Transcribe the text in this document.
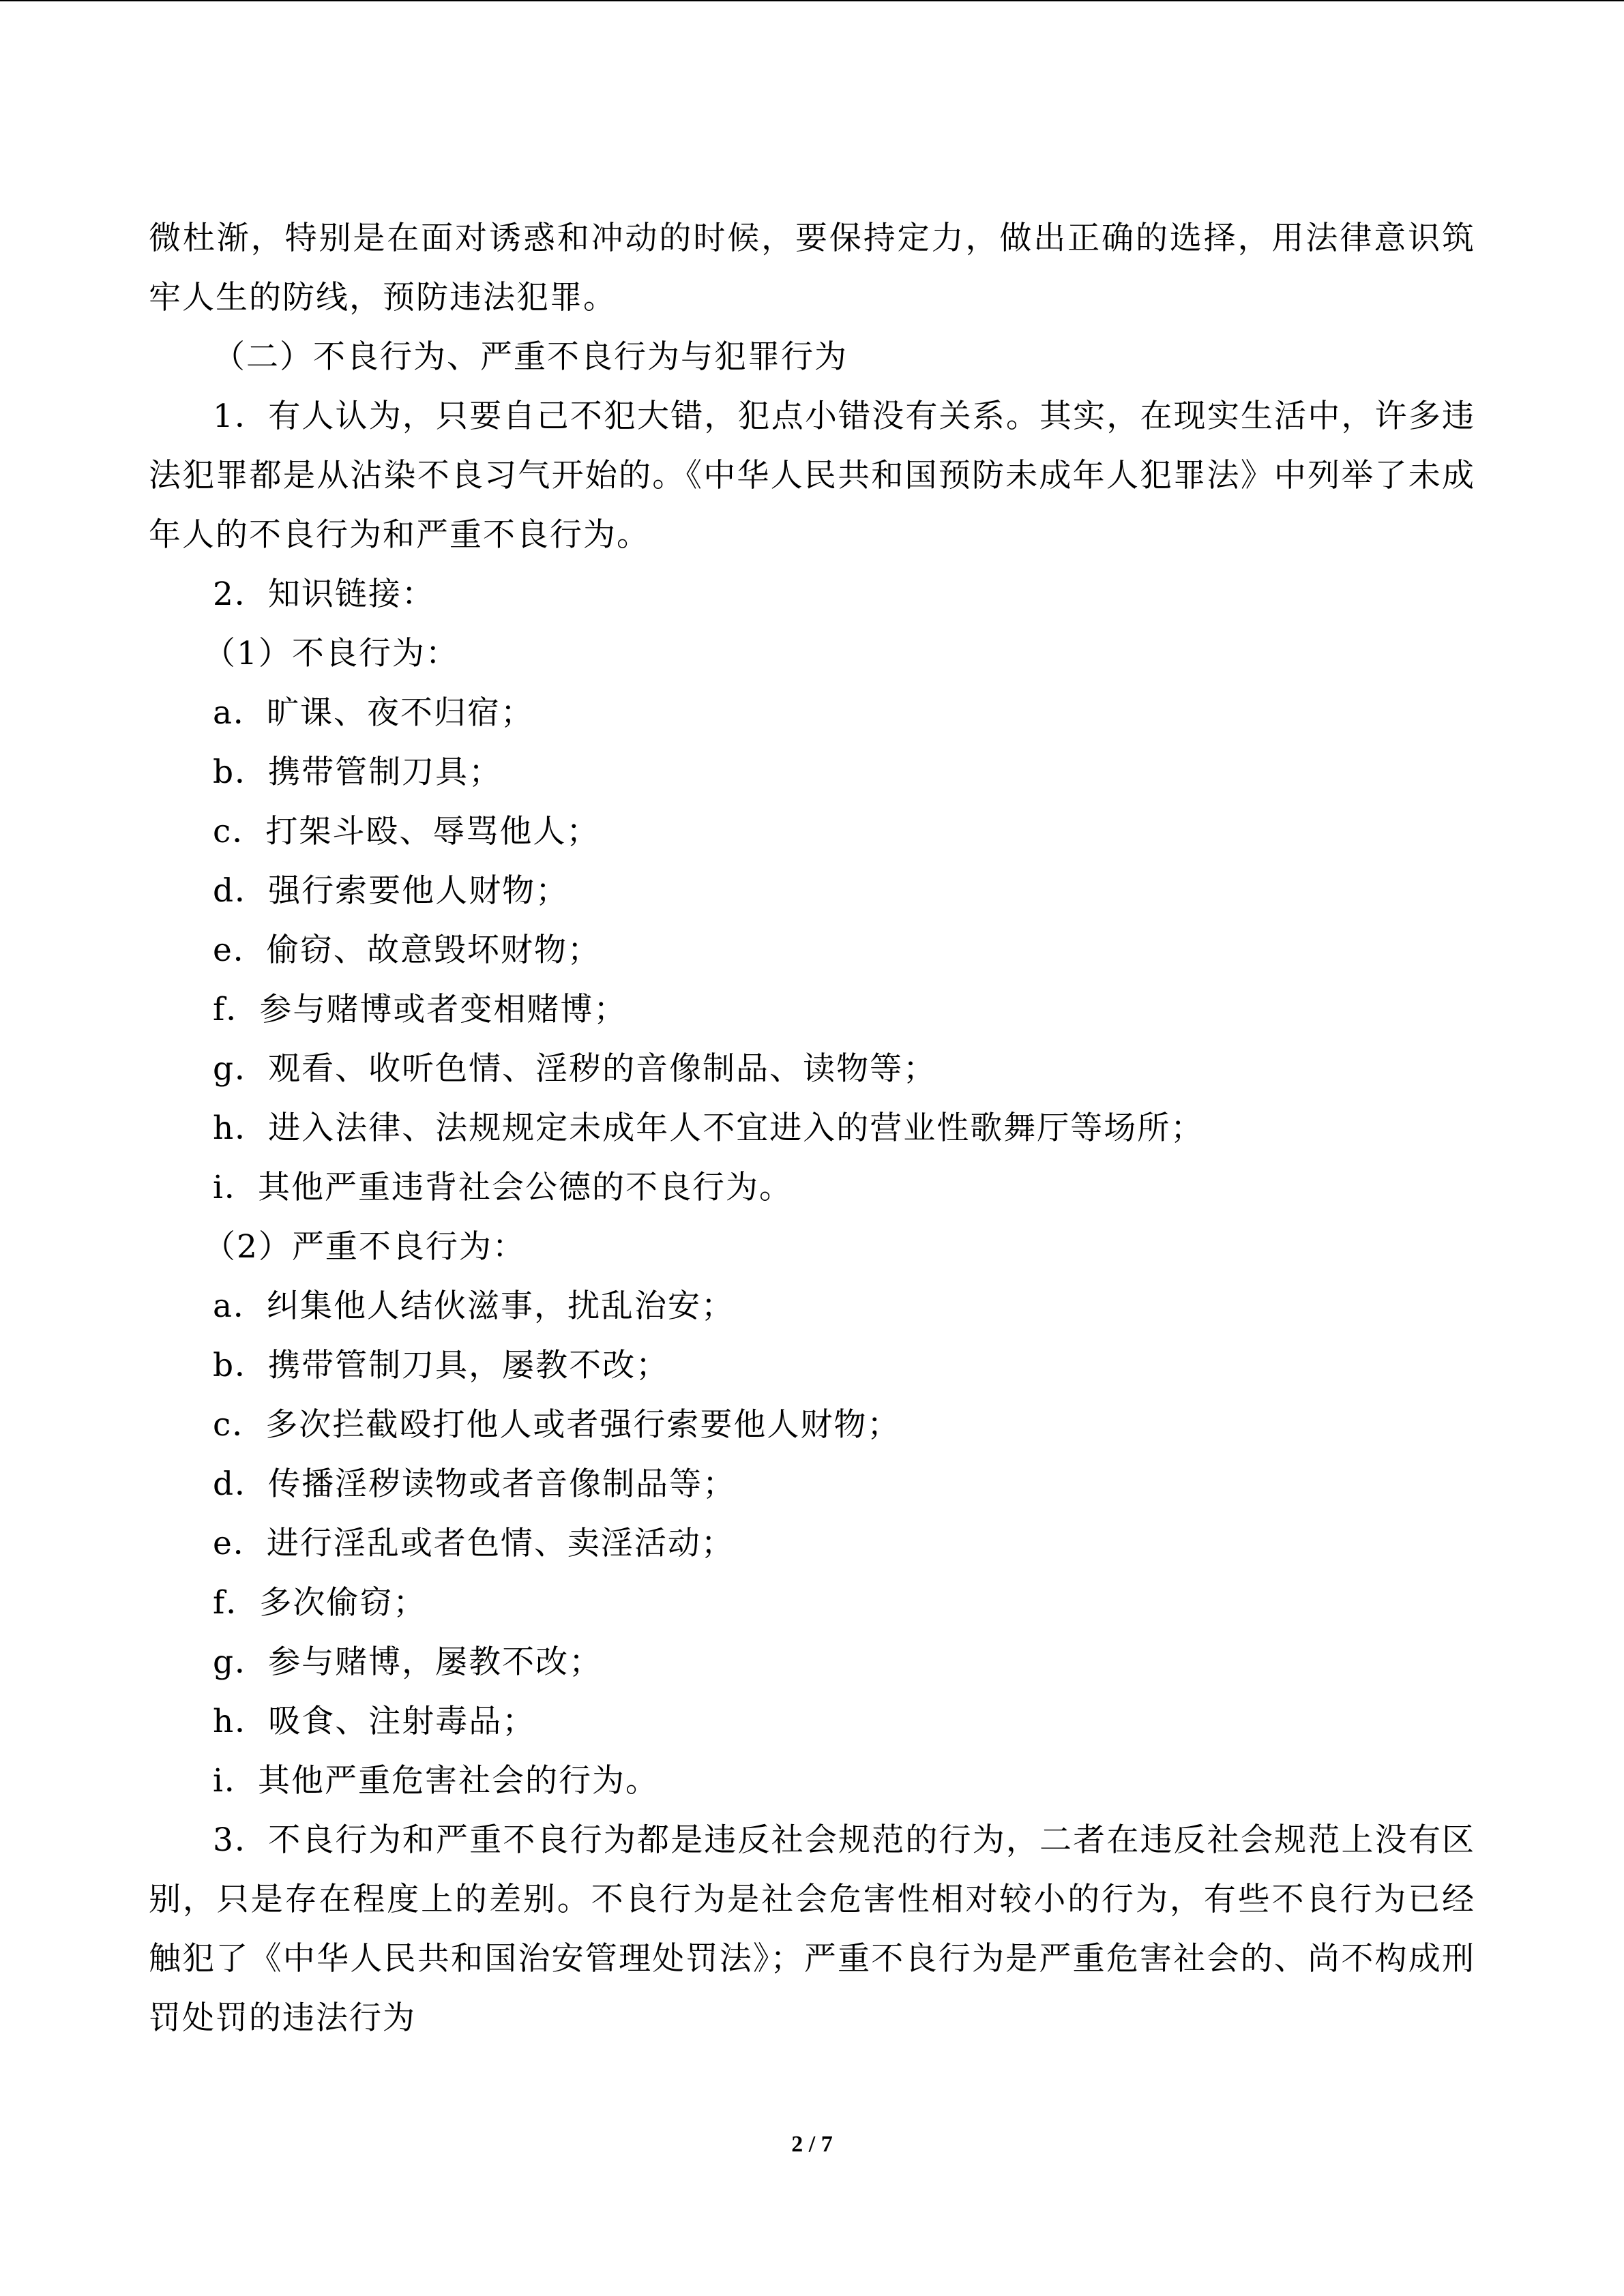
微杜渐，特别是在面对诱惑和冲动的时候，要保持定力，做出正确的选择，用法律意识筑牢人生的防线，预防违法犯罪。

（二）不良行为、严重不良行为与犯罪行为

1．有人认为，只要自己不犯大错，犯点小错没有关系。其实，在现实生活中，许多违法犯罪都是从沾染不良习气开始的。《中华人民共和国预防未成年人犯罪法》中列举了未成年人的不良行为和严重不良行为。

2．知识链接：

（1）不良行为：

a．旷课、夜不归宿；

b．携带管制刀具；

c．打架斗殴、辱骂他人；

d．强行索要他人财物；

e．偷窃、故意毁坏财物；

f．参与赌博或者变相赌博；

g．观看、收听色情、淫秽的音像制品、读物等；

h．进入法律、法规规定未成年人不宜进入的营业性歌舞厅等场所；

i．其他严重违背社会公德的不良行为。

（2）严重不良行为：

a．纠集他人结伙滋事，扰乱治安；

b．携带管制刀具，屡教不改；

c．多次拦截殴打他人或者强行索要他人财物；

d．传播淫秽读物或者音像制品等；

e．进行淫乱或者色情、卖淫活动；

f．多次偷窃；

g．参与赌博，屡教不改；

h．吸食、注射毒品；

i．其他严重危害社会的行为。

3．不良行为和严重不良行为都是违反社会规范的行为，二者在违反社会规范上没有区别，只是存在程度上的差别。不良行为是社会危害性相对较小的行为，有些不良行为已经触犯了《中华人民共和国治安管理处罚法》；严重不良行为是严重危害社会的、尚不构成刑罚处罚的违法行为

2 / 7
